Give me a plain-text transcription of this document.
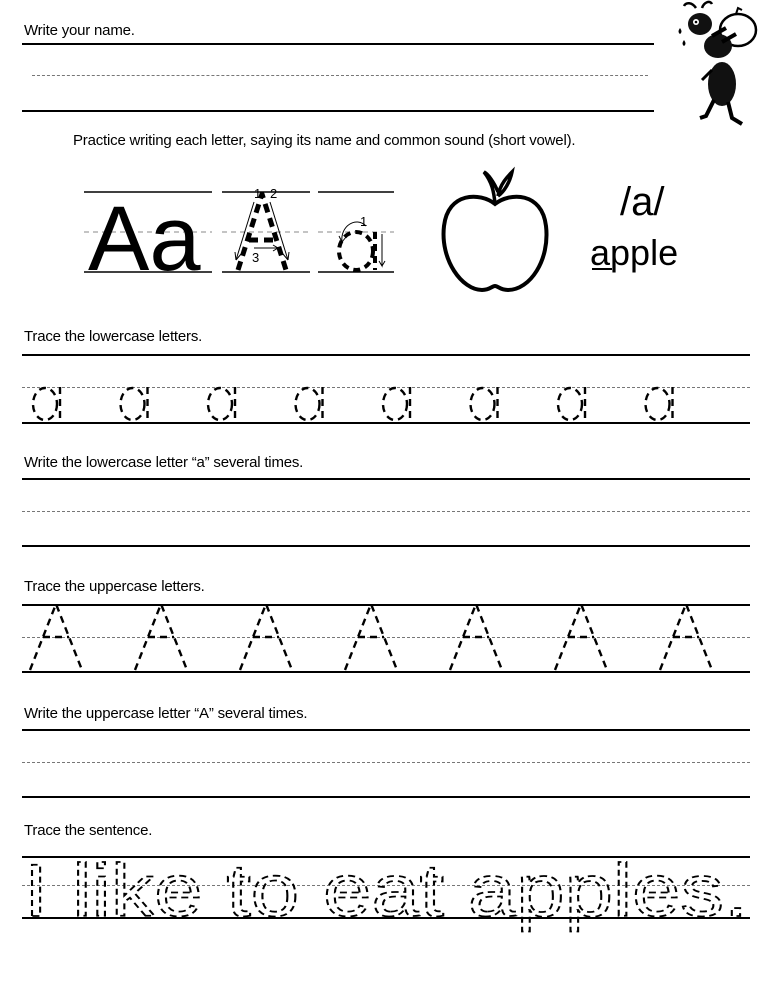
Write your name.
Practice writing each letter, saying its name and common sound (short vowel).
Aa	1 2
3
1	/a/
apple
Trace the lowercase letters.
Write the lowercase letter “a” several times.
Trace the uppercase letters.
Write the uppercase letter “A” several times.
Trace the sentence.
I like to eat apples.
